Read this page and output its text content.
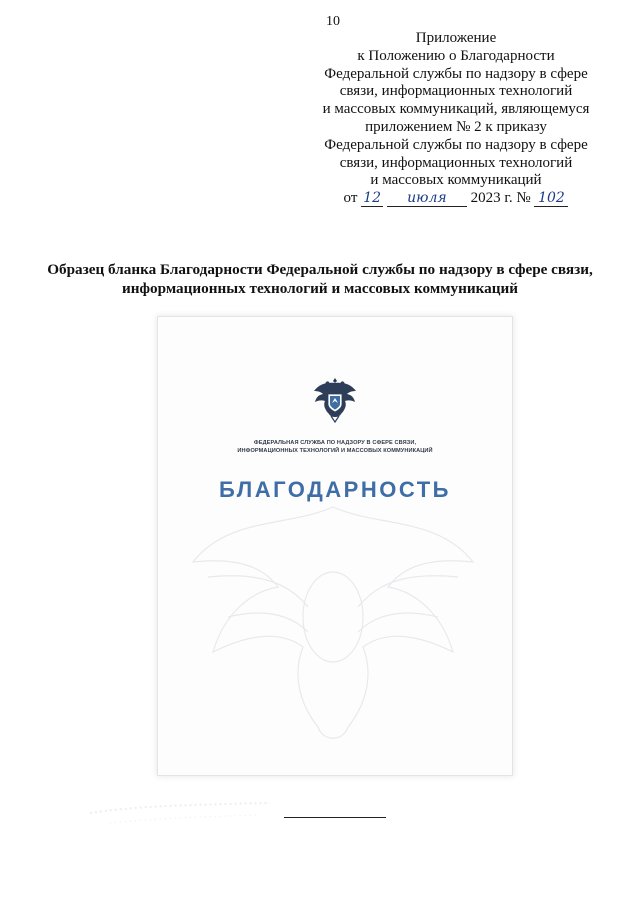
10
Приложение
к Положению о Благодарности
Федеральной службы по надзору в сфере
связи, информационных технологий
и массовых коммуникаций, являющемуся
приложением № 2 к приказу
Федеральной службы по надзору в сфере
связи, информационных технологий
и массовых коммуникаций
от 12 июля 2023 г. № 102
Образец бланка Благодарности Федеральной службы по надзору в сфере связи,
информационных технологий и массовых коммуникаций
ФЕДЕРАЛЬНАЯ СЛУЖБА ПО НАДЗОРУ В СФЕРЕ СВЯЗИ,
ИНФОРМАЦИОННЫХ ТЕХНОЛОГИЙ И МАССОВЫХ КОММУНИКАЦИЙ
БЛАГОДАРНОСТЬ
